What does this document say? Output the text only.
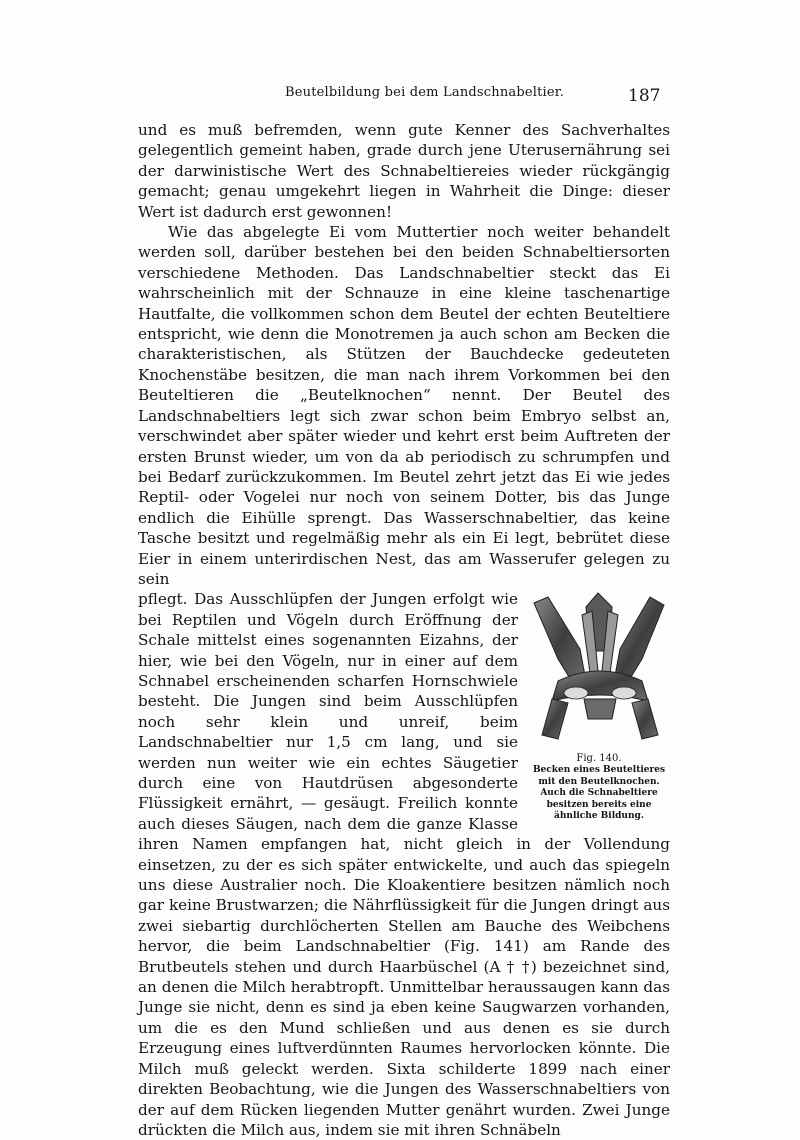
Beutelbildung bei dem Landschnabeltier.	187

und es muß befremden, wenn gute Kenner des Sachverhaltes gelegentlich gemeint haben, grade durch jene Uterusernährung sei der darwinistische Wert des Schnabeltiereies wieder rückgängig gemacht; genau umgekehrt liegen in Wahrheit die Dinge: dieser Wert ist dadurch erst gewonnen!

Wie das abgelegte Ei vom Muttertier noch weiter behandelt werden soll, darüber bestehen bei den beiden Schnabeltiersorten verschiedene Methoden. Das Landschnabeltier steckt das Ei wahrscheinlich mit der Schnauze in eine kleine taschenartige Hautfalte, die vollkommen schon dem Beutel der echten Beuteltiere entspricht, wie denn die Monotremen ja auch schon am Becken die charakteristischen, als Stützen der Bauchdecke gedeuteten Knochenstäbe besitzen, die man nach ihrem Vorkommen bei den Beuteltieren die „Beutelknochen“ nennt. Der Beutel des Landschnabeltiers legt sich zwar schon beim Embryo selbst an, verschwindet aber später wieder und kehrt erst beim Auftreten der ersten Brunst wieder, um von da ab periodisch zu schrumpfen und bei Bedarf zurückzukommen. Im Beutel zehrt jetzt das Ei wie jedes Reptil- oder Vogelei nur noch von seinem Dotter, bis das Junge endlich die Eihülle sprengt. Das Wasserschnabeltier, das keine Tasche besitzt und regelmäßig mehr als ein Ei legt, bebrütet diese Eier in einem unterirdischen Nest, das am Wasserufer gelegen zu sein

Fig. 140.
Becken eines Beuteltieres mit den Beutelknochen. Auch die Schnabeltiere besitzen bereits eine ähnliche Bildung.

pflegt. Das Ausschlüpfen der Jungen erfolgt wie bei Reptilen und Vögeln durch Eröffnung der Schale mittelst eines sogenannten Eizahns, der hier, wie bei den Vögeln, nur in einer auf dem Schnabel erscheinenden scharfen Hornschwiele besteht. Die Jungen sind beim Ausschlüpfen noch sehr klein und unreif, beim Landschnabeltier nur 1,5 cm lang, und sie werden nun weiter wie ein echtes Säugetier durch eine von Hautdrüsen abgesonderte Flüssigkeit ernährt, — gesäugt. Freilich konnte auch dieses Säugen, nach dem die ganze Klasse ihren Namen empfangen hat, nicht gleich in der Vollendung einsetzen, zu der es sich später entwickelte, und auch das spiegeln uns diese Australier noch. Die Kloakentiere besitzen nämlich noch gar keine Brustwarzen; die Nährflüssigkeit für die Jungen dringt aus zwei siebartig durchlöcherten Stellen am Bauche des Weibchens hervor, die beim Landschnabeltier (Fig. 141) am Rande des Brutbeutels stehen und durch Haarbüschel (A † †) bezeichnet sind, an denen die Milch herabtropft. Unmittelbar heraussaugen kann das Junge sie nicht, denn es sind ja eben keine Saugwarzen vorhanden, um die es den Mund schließen und aus denen es sie durch Erzeugung eines luftverdünnten Raumes hervorlocken könnte. Die Milch muß geleckt werden. Sixta schilderte 1899 nach einer direkten Beobachtung, wie die Jungen des Wasserschnabeltiers von der auf dem Rücken liegenden Mutter genährt wurden. Zwei Junge drückten die Milch aus, indem sie mit ihren Schnäbeln
